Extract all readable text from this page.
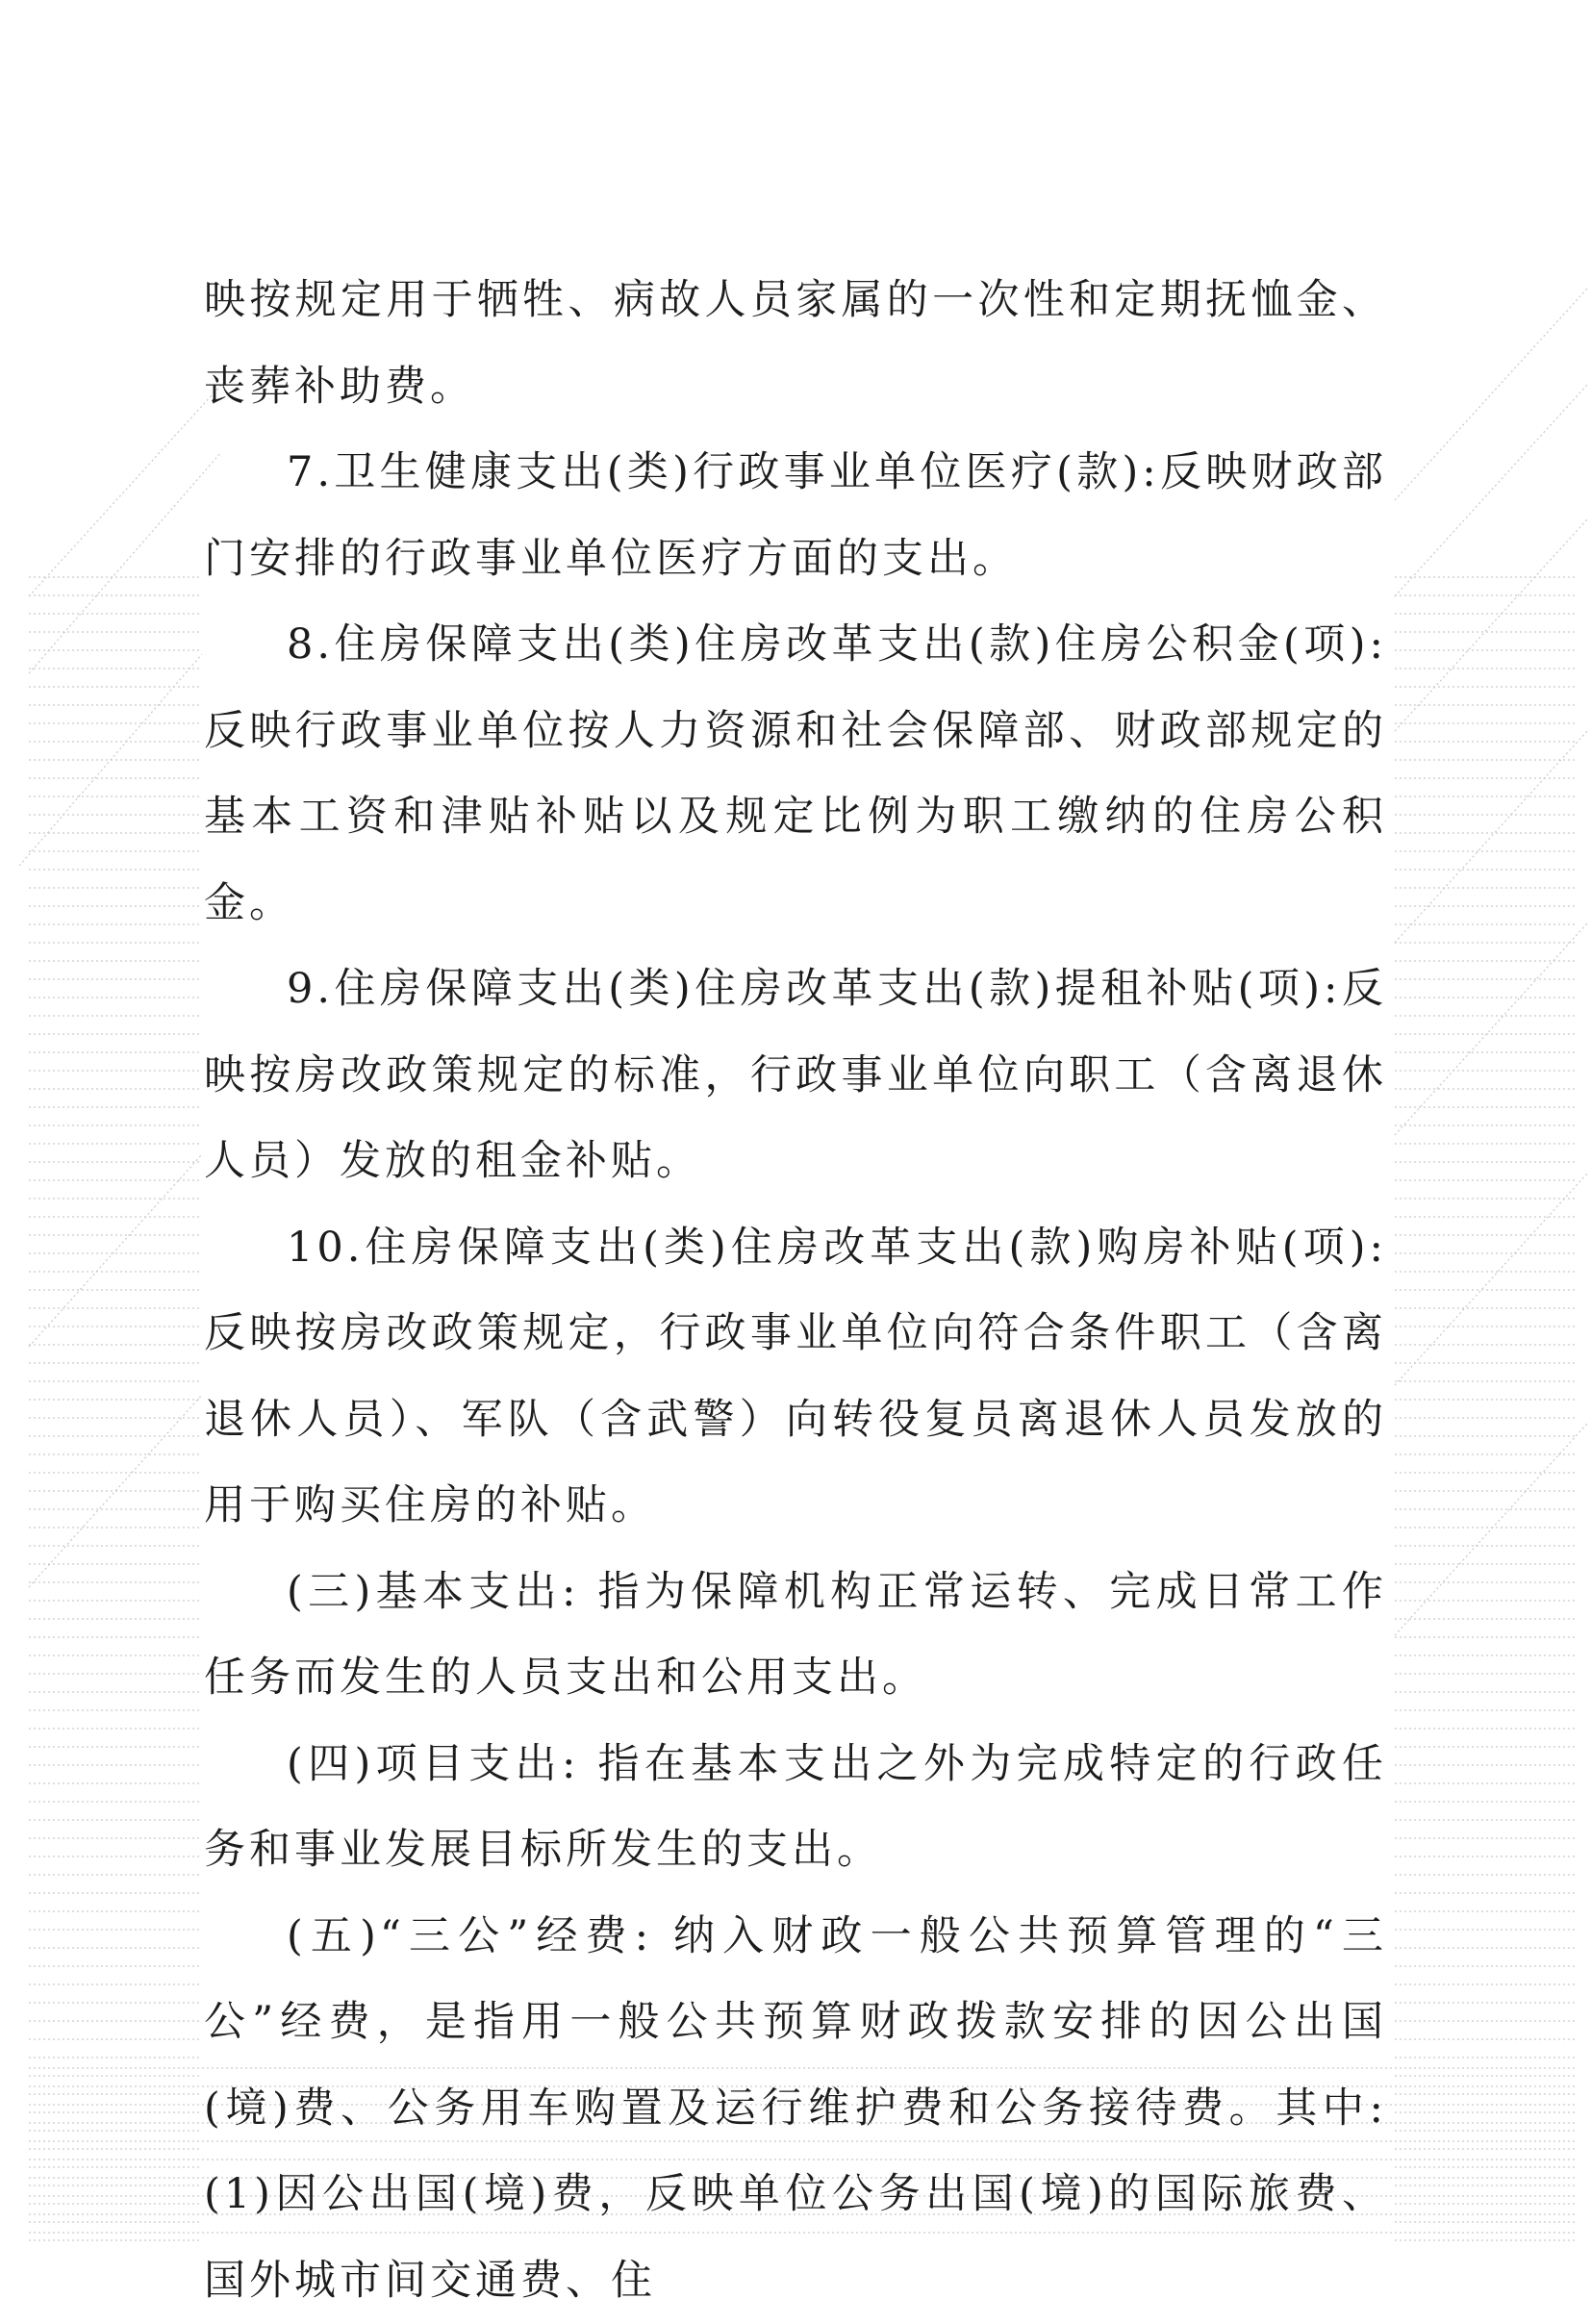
映按规定用于牺牲、病故人员家属的一次性和定期抚恤金、丧葬补助费。

7.卫生健康支出(类)行政事业单位医疗(款):反映财政部门安排的行政事业单位医疗方面的支出。

8.住房保障支出(类)住房改革支出(款)住房公积金(项):反映行政事业单位按人力资源和社会保障部、财政部规定的基本工资和津贴补贴以及规定比例为职工缴纳的住房公积金。

9.住房保障支出(类)住房改革支出(款)提租补贴(项):反映按房改政策规定的标准，行政事业单位向职工（含离退休人员）发放的租金补贴。

10.住房保障支出(类)住房改革支出(款)购房补贴(项): 反映按房改政策规定，行政事业单位向符合条件职工（含离退休人员）、军队（含武警）向转役复员离退休人员发放的用于购买住房的补贴。

(三)基本支出: 指为保障机构正常运转、完成日常工作任务而发生的人员支出和公用支出。

(四)项目支出: 指在基本支出之外为完成特定的行政任务和事业发展目标所发生的支出。

(五)“三公”经费: 纳入财政一般公共预算管理的“三公”经费，是指用一般公共预算财政拨款安排的因公出国(境)费、公务用车购置及运行维护费和公务接待费。其中: (1)因公出国(境)费，反映单位公务出国(境)的国际旅费、国外城市间交通费、住
